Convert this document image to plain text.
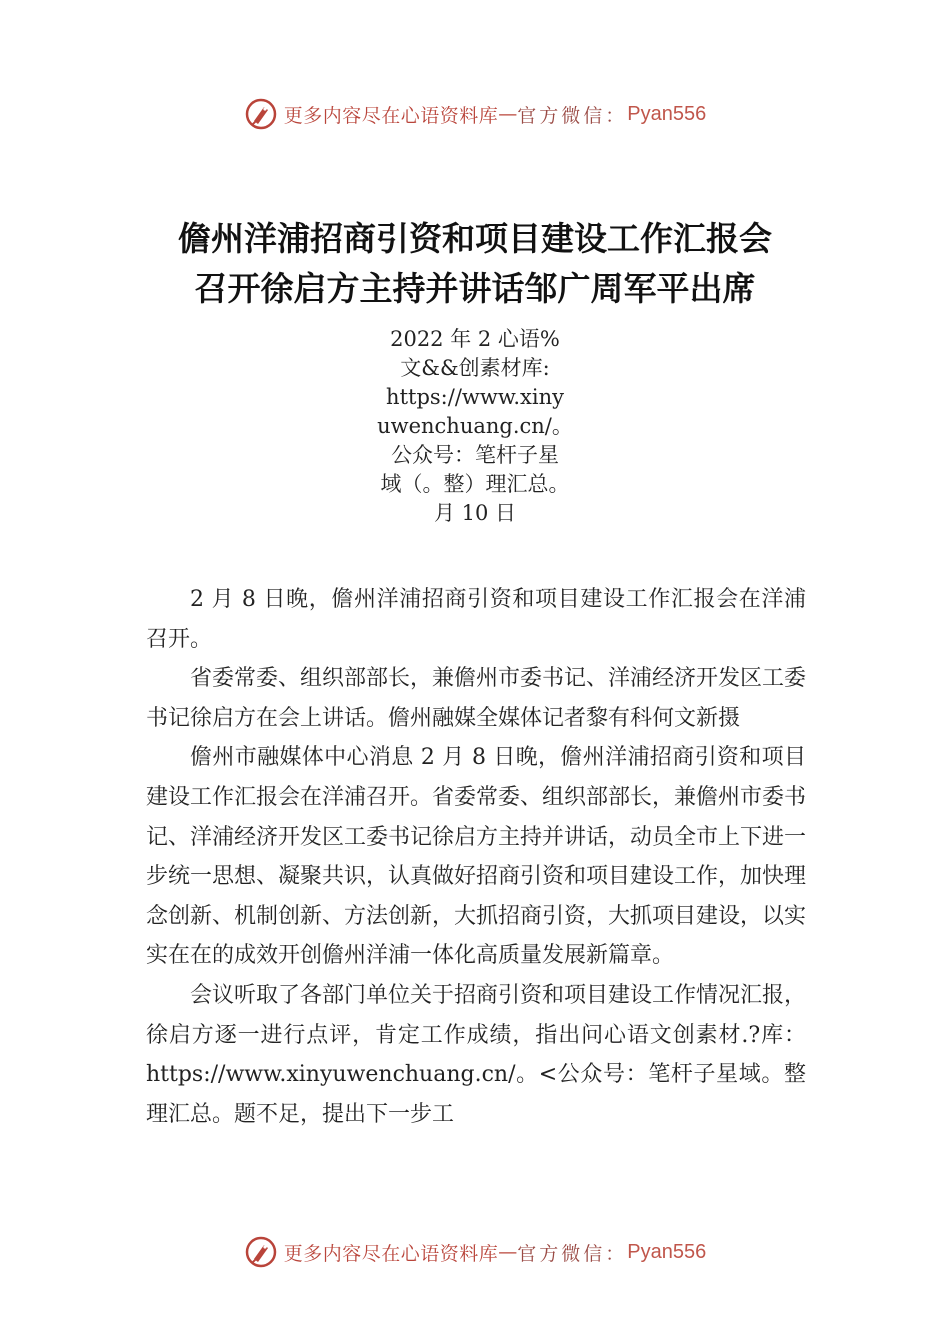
更多内容尽在心语资料库 — 官方微信： Pyan556
儋州洋浦招商引资和项目建设工作汇报会
召开徐启方主持并讲话邹广周军平出席
2022 年 2 心语%
文&&创素材库:
https://www.xiny
uwenchuang.cn/。
公众号：笔杆子星
域（。整）理汇总。
月 10 日

2 月 8 日晚，儋州洋浦招商引资和项目建设工作汇报会在洋浦召开。

省委常委、组织部部长，兼儋州市委书记、洋浦经济开发区工委书记徐启方在会上讲话。儋州融媒全媒体记者黎有科何文新摄

儋州市融媒体中心消息 2 月 8 日晚，儋州洋浦招商引资和项目建设工作汇报会在洋浦召开。省委常委、组织部部长，兼儋州市委书记、洋浦经济开发区工委书记徐启方主持并讲话，动员全市上下进一步统一思想、凝聚共识，认真做好招商引资和项目建设工作，加快理念创新、机制创新、方法创新，大抓招商引资，大抓项目建设，以实实在在的成效开创儋州洋浦一体化高质量发展新篇章。

会议听取了各部门单位关于招商引资和项目建设工作情况汇报，徐启方逐一进行点评，肯定工作成绩，指出问心语文创素材.?库：https://www.xinyuwenchuang.cn/。<公众号：笔杆子星域。整理汇总。题不足，提出下一步工

更多内容尽在心语资料库 — 官方微信： Pyan556
